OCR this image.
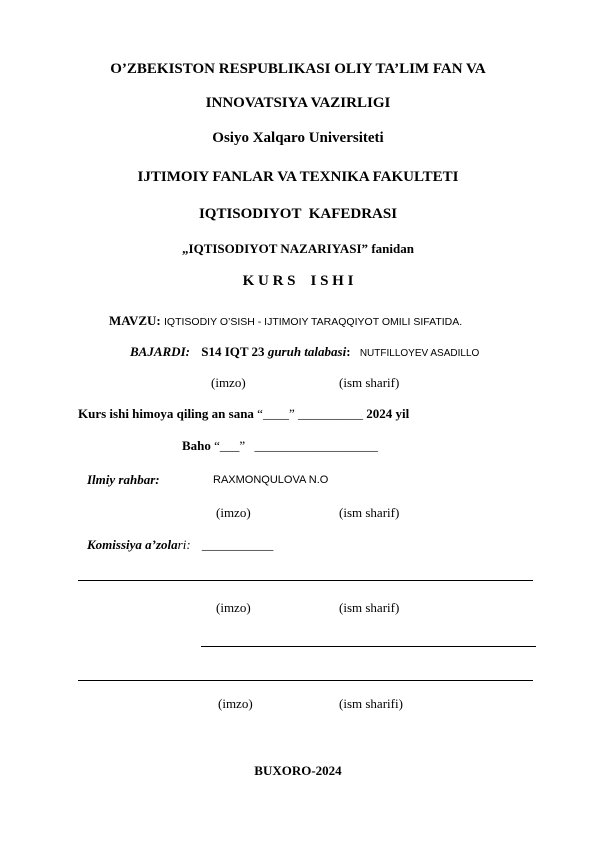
O’ZBEKISTON RESPUBLIKASI OLIY TA’LIM FAN VA
INNOVATSIYA VAZIRLIGI
Osiyo Xalqaro Universiteti
IJTIMOIY FANLAR VA TEXNIKA FAKULTETI
IQTISODIYOT  KAFEDRASI
„IQTISODIYOT NAZARIYASI” fanidan
K U R S    I S H I
MAVZU: IQTISODIY O’SISH - IJTIMOIY TARAQQIYOT OMILI SIFATIDA.
BAJARDI: S14 IQT 23 guruh talabasi: NUTFILLOYEV ASADILLO
(imzo)	(ism sharif)
Kurs ishi himoya qiling an sana “____” __________ 2024 yil
Baho “___” ___________________
Ilmiy rahbar:	RAXMONQULOVA N.O
(imzo)	(ism sharif)
Komissiya a’zolari: ___________
(imzo)	(ism sharif)
(imzo)	(ism sharifi)
BUXORO-2024
